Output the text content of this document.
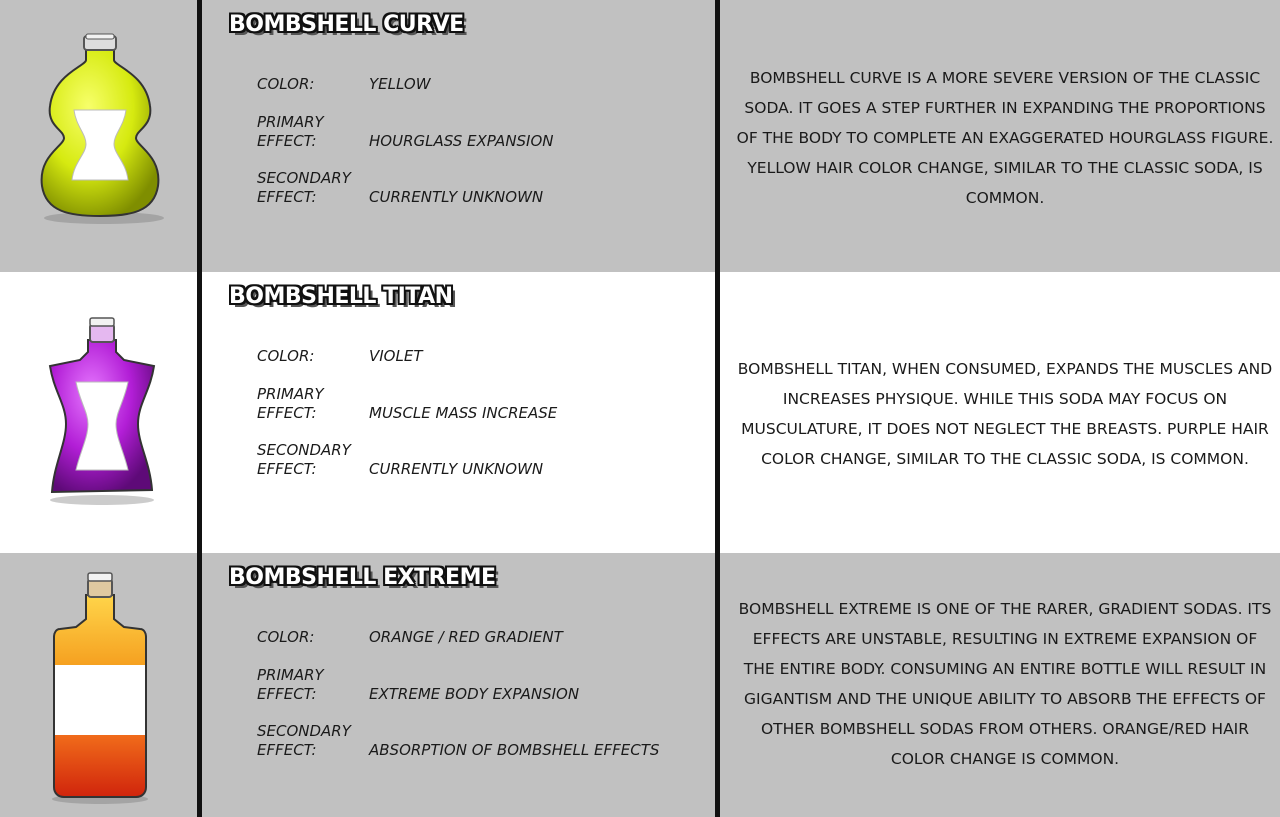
BOMBSHELL CURVE
COLOR:	YELLOW
PRIMARY
EFFECT:	HOURGLASS EXPANSION
SECONDARY
EFFECT:	CURRENTLY UNKNOWN
BOMBSHELL CURVE IS A MORE SEVERE VERSION OF THE CLASSIC SODA. IT GOES A STEP FURTHER IN EXPANDING THE PROPORTIONS OF THE BODY TO COMPLETE AN EXAGGERATED HOURGLASS FIGURE. YELLOW HAIR COLOR CHANGE, SIMILAR TO THE CLASSIC SODA, IS COMMON.
BOMBSHELL TITAN
COLOR:	VIOLET
PRIMARY
EFFECT:	MUSCLE MASS INCREASE
SECONDARY
EFFECT:	CURRENTLY UNKNOWN
BOMBSHELL TITAN, WHEN CONSUMED, EXPANDS THE MUSCLES AND INCREASES PHYSIQUE. WHILE THIS SODA MAY FOCUS ON MUSCULATURE, IT DOES NOT NEGLECT THE BREASTS. PURPLE HAIR COLOR CHANGE, SIMILAR TO THE CLASSIC SODA, IS COMMON.
BOMBSHELL EXTREME
COLOR:	ORANGE / RED GRADIENT
PRIMARY
EFFECT:	EXTREME BODY EXPANSION
SECONDARY
EFFECT:	ABSORPTION OF BOMBSHELL EFFECTS
BOMBSHELL EXTREME IS ONE OF THE RARER, GRADIENT SODAS. ITS EFFECTS ARE UNSTABLE, RESULTING IN EXTREME EXPANSION OF THE ENTIRE BODY. CONSUMING AN ENTIRE BOTTLE WILL RESULT IN GIGANTISM AND THE UNIQUE ABILITY TO ABSORB THE EFFECTS OF OTHER BOMBSHELL SODAS FROM OTHERS. ORANGE/RED HAIR COLOR CHANGE IS COMMON.
